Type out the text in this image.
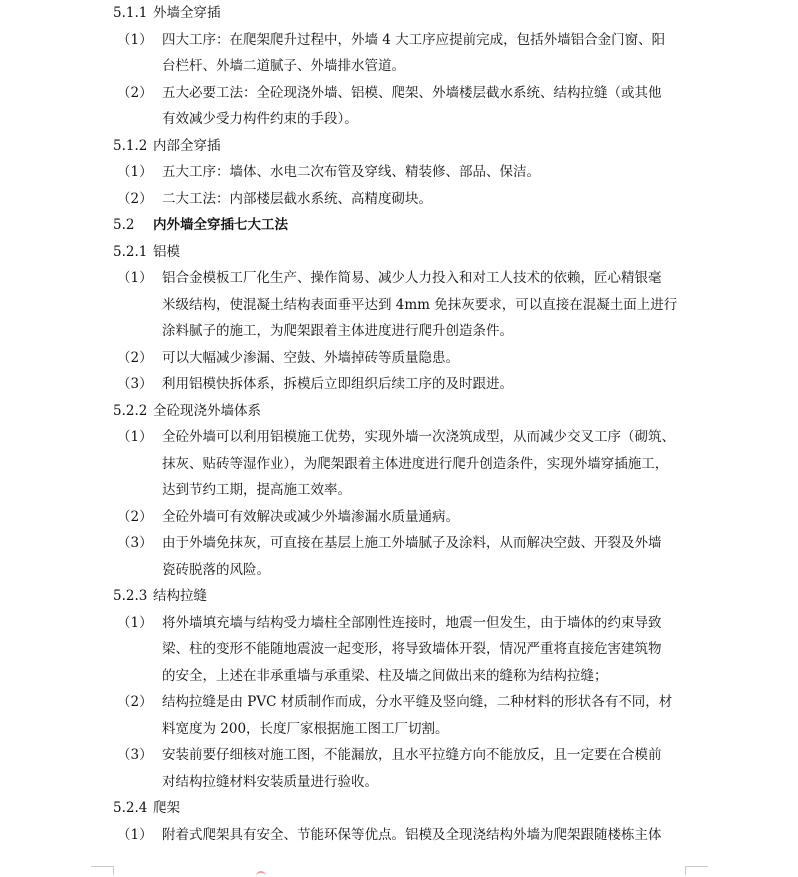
5.1.1 外墙全穿插
（1） 四大工序：在爬架爬升过程中，外墙 4 大工序应提前完成，包括外墙铝合金门窗、阳
台栏杆、外墙二道腻子、外墙排水管道。
（2） 五大必要工法：全砼现浇外墙、铝模、爬架、外墙楼层截水系统、结构拉缝（或其他
有效减少受力构件约束的手段）。
5.1.2 内部全穿插
（1） 五大工序：墙体、水电二次布管及穿线、精装修、部品、保洁。
（2） 二大工法：内部楼层截水系统、高精度砌块。
5.2 内外墙全穿插七大工法
5.2.1 铝模
（1） 铝合金模板工厂化生产、操作简易、减少人力投入和对工人技术的依赖，匠心精银毫
米级结构，使混凝土结构表面垂平达到 4mm 免抹灰要求，可以直接在混凝土面上进行
涂料腻子的施工，为爬架跟着主体进度进行爬升创造条件。
（2） 可以大幅减少渗漏、空鼓、外墙掉砖等质量隐患。
（3） 利用铝模快拆体系，拆模后立即组织后续工序的及时跟进。
5.2.2 全砼现浇外墙体系
（1） 全砼外墙可以利用铝模施工优势，实现外墙一次浇筑成型，从而减少交叉工序（砌筑、
抹灰、贴砖等湿作业），为爬架跟着主体进度进行爬升创造条件，实现外墙穿插施工，
达到节约工期，提高施工效率。
（2） 全砼外墙可有效解决或减少外墙渗漏水质量通病。
（3） 由于外墙免抹灰，可直接在基层上施工外墙腻子及涂料，从而解决空鼓、开裂及外墙
瓷砖脱落的风险。
5.2.3 结构拉缝
（1） 将外墙填充墙与结构受力墙柱全部刚性连接时，地震一但发生，由于墙体的约束导致
梁、柱的变形不能随地震波一起变形，将导致墙体开裂，情况严重将直接危害建筑物
的安全，上述在非承重墙与承重梁、柱及墙之间做出来的缝称为结构拉缝；
（2） 结构拉缝是由 PVC 材质制作而成，分水平缝及竖向缝，二种材料的形状各有不同，材
料宽度为 200，长度厂家根据施工图工厂切割。
（3） 安装前要仔细核对施工图，不能漏放，且水平拉缝方向不能放反，且一定要在合模前
对结构拉缝材料安装质量进行验收。
5.2.4 爬架
（1） 附着式爬架具有安全、节能环保等优点。铝模及全现浇结构外墙为爬架跟随楼栋主体
